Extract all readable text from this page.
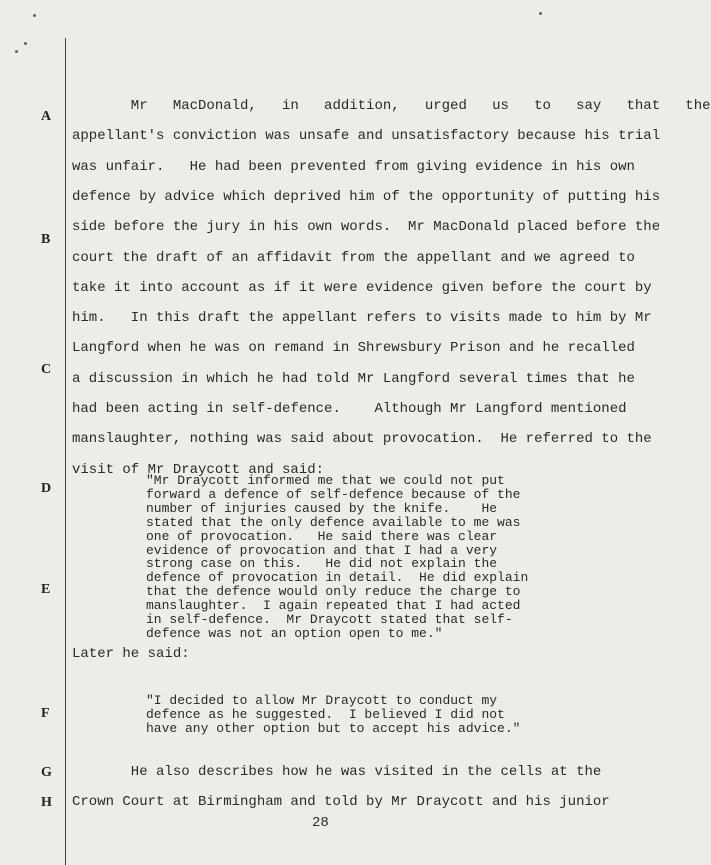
A
B
C
D
E
F
G
H
Mr   MacDonald,   in   addition,   urged   us   to   say   that   the
appellant's conviction was unsafe and unsatisfactory because his trial
was unfair.   He had been prevented from giving evidence in his own
defence by advice which deprived him of the opportunity of putting his
side before the jury in his own words.  Mr MacDonald placed before the
court the draft of an affidavit from the appellant and we agreed to
take it into account as if it were evidence given before the court by
him.   In this draft the appellant refers to visits made to him by Mr
Langford when he was on remand in Shrewsbury Prison and he recalled
a discussion in which he had told Mr Langford several times that he
had been acting in self-defence.    Although Mr Langford mentioned
manslaughter, nothing was said about provocation.  He referred to the
visit of Mr Draycott and said:
"Mr Draycott informed me that we could not put
forward a defence of self-defence because of the
number of injuries caused by the knife.    He
stated that the only defence available to me was
one of provocation.   He said there was clear
evidence of provocation and that I had a very
strong case on this.   He did not explain the
defence of provocation in detail.  He did explain
that the defence would only reduce the charge to
manslaughter.  I again repeated that I had acted
in self-defence.  Mr Draycott stated that self-
defence was not an option open to me."
Later he said:
"I decided to allow Mr Draycott to conduct my
defence as he suggested.  I believed I did not
have any other option but to accept his advice."
He also describes how he was visited in the cells at the
Crown Court at Birmingham and told by Mr Draycott and his junior
28
